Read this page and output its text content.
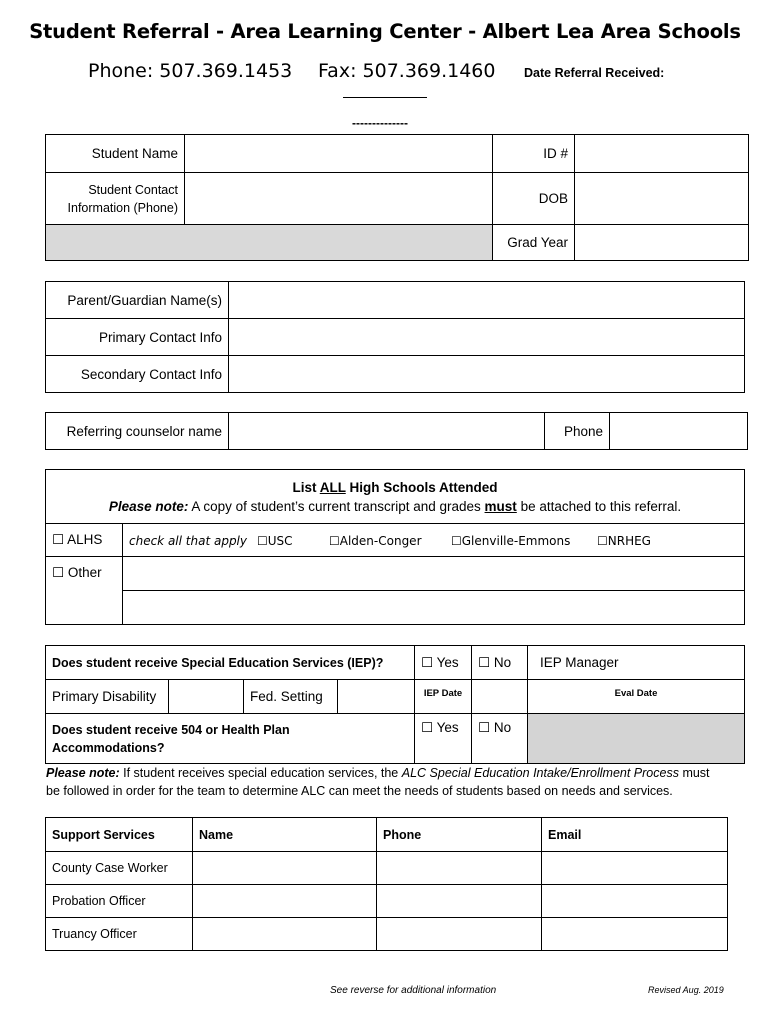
Student Referral - Area Learning Center - Albert Lea Area Schools
Phone: 507.369.1453 Fax: 507.369.1460 Date Referral Received:
--------------
Student Name		ID #	
Student Contact
Information (Phone)		DOB	
		Grad Year	
Parent/Guardian Name(s)	
Primary Contact Info	
Secondary Contact Info	
Referring counselor name		Phone	
List ALL High Schools Attended
Please note: A copy of student’s current transcript and grades must be attached to this referral.	
☐ ALHS	check all that apply ☐USC ☐Alden-Conger ☐Glenville-Emmons ☐NRHEG
☐ Other	

Does student receive Special Education Services (IEP)?				☐ Yes	☐ No	IEP Manager
Primary Disability		Fed. Setting		IEP Date		Eval Date
Does student receive 504 or Health Plan
Accommodations?				☐ Yes	☐ No	
Please note: If student receives special education services, the ALC Special Education Intake/Enrollment Process must be followed in order for the team to determine ALC can meet the needs of students based on needs and services.
Support Services	Name	Phone	Email
County Case Worker			
Probation Officer			
Truancy Officer			
See reverse for additional information	Revised Aug. 2019
